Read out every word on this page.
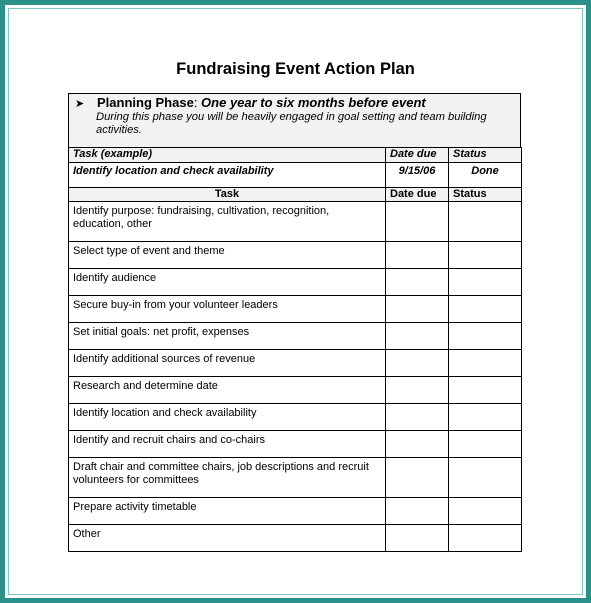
Fundraising Event Action Plan
➤ Planning Phase: One year to six months before event
During this phase you will be heavily engaged in goal setting and team building activities.
Task (example)	Date due	Status
Identify location and check availability	9/15/06	Done
Task	Date due	Status
Identify purpose: fundraising, cultivation, recognition, education, other		
Select type of event and theme		
Identify audience		
Secure buy-in from your volunteer leaders		
Set initial goals: net profit, expenses		
Identify additional sources of revenue		
Research and determine date		
Identify location and check availability		
Identify and recruit chairs and co-chairs		
Draft chair and committee chairs, job descriptions and recruit volunteers for committees		
Prepare activity timetable		
Other		
